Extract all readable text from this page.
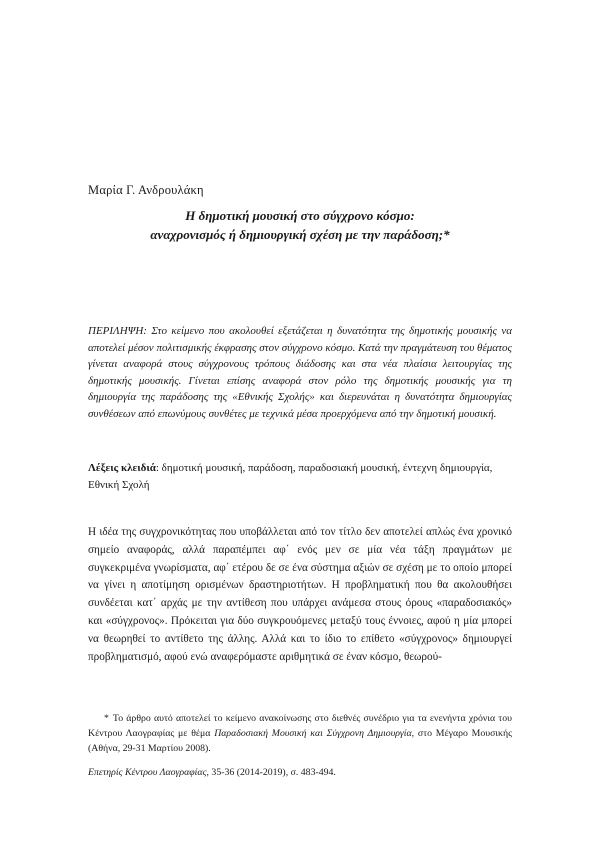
Μαρία Γ. Ανδρουλάκη
Η δημοτική μουσική στο σύγχρονο κόσμο:
αναχρονισμός ή δημιουργική σχέση με την παράδοση;*
ΠΕΡΙΛΗΨΗ: Στο κείμενο που ακολουθεί εξετάζεται η δυνατότητα της δημοτικής μουσικής να αποτελεί μέσον πολιτισμικής έκφρασης στον σύγχρονο κόσμο. Κατά την πραγμάτευση του θέματος γίνεται αναφορά στους σύγχρονους τρόπους διάδοσης και στα νέα πλαίσια λειτουργίας της δημοτικής μουσικής. Γίνεται επίσης αναφορά στον ρόλο της δημοτικής μουσικής για τη δημιουργία της παράδοσης της «Εθνικής Σχολής» και διερευνάται η δυνατότητα δημιουργίας συνθέσεων από επωνύμους συνθέτες με τεχνικά μέσα προερχόμενα από την δημοτική μουσική.
Λέξεις κλειδιά: δημοτική μουσική, παράδοση, παραδοσιακή μουσική, έντεχνη δημιουργία, Εθνική Σχολή

Η ιδέα της συγχρονικότητας που υποβάλλεται από τον τίτλο δεν αποτελεί απλώς ένα χρονικό σημείο αναφοράς, αλλά παραπέμπει αφ΄ ενός μεν σε μία νέα τάξη πραγμάτων με συγκεκριμένα γνωρίσματα, αφ΄ ετέρου δε σε ένα σύστημα αξιών σε σχέση με το οποίο μπορεί να γίνει η αποτίμηση ορισμένων δραστηριοτήτων. Η προβληματική που θα ακολουθήσει συνδέεται κατ΄ αρχάς με την αντίθεση που υπάρχει ανάμεσα στους όρους «παραδοσιακός» και «σύγχρονος». Πρόκειται για δύο συγκρουόμενες μεταξύ τους έννοιες, αφού η μία μπορεί να θεωρηθεί το αντίθετο της άλλης. Αλλά και το ίδιο το επίθετο «σύγχρονος» δημιουργεί προβληματισμό, αφού ενώ αναφερόμαστε αριθμητικά σε έναν κόσμο, θεωρού-

* Το άρθρο αυτό αποτελεί το κείμενο ανακοίνωσης στο διεθνές συνέδριο για τα ενενήντα χρόνια του Κέντρου Λαογραφίας με θέμα Παραδοσιακή Μουσική και Σύγχρονη Δημιουργία, στο Μέγαρο Μουσικής (Αθήνα, 29-31 Μαρτίου 2008).
Επετηρίς Κέντρου Λαογραφίας, 35-36 (2014-2019), σ. 483-494.
